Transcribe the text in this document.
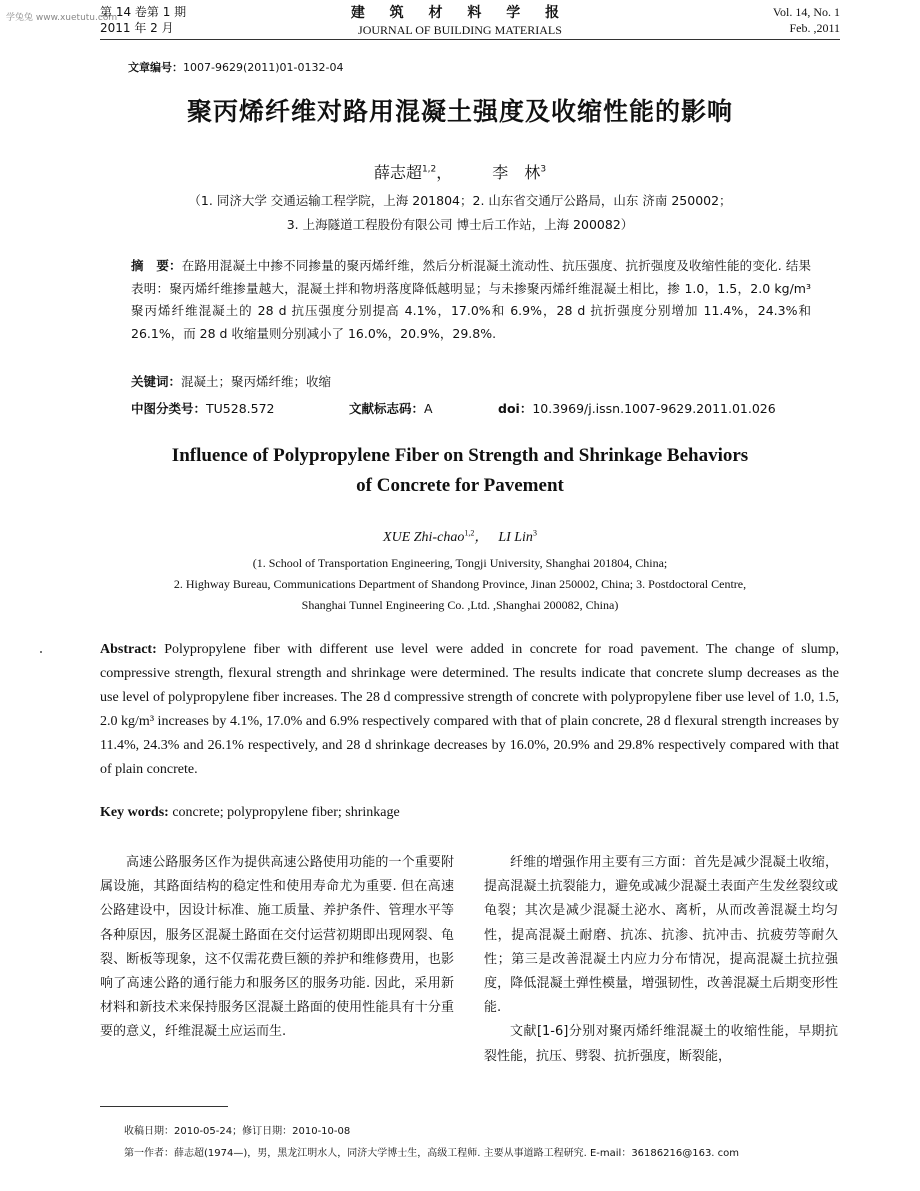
学兔兔 www.xuetutu.com
第 14 卷第 1 期
2011 年 2 月
建 筑 材 料 学 报
JOURNAL OF BUILDING MATERIALS
Vol. 14, No. 1
Feb. ,2011
文章编号：1007-9629(2011)01-0132-04
聚丙烯纤维对路用混凝土强度及收缩性能的影响
薛志超$^{1,2}$，	李　林$^3$
（1. 同济大学 交通运输工程学院，上海 201804；2. 山东省交通厅公路局，山东 济南 250002；
3. 上海隧道工程股份有限公司 博士后工作站，上海 200082）
摘　要：在路用混凝土中掺不同掺量的聚丙烯纤维，然后分析混凝土流动性、抗压强度、抗折强度及收缩性能的变化. 结果表明：聚丙烯纤维掺量越大，混凝土拌和物坍落度降低越明显；与未掺聚丙烯纤维混凝土相比，掺 1.0，1.5，2.0 kg/m³ 聚丙烯纤维混凝土的 28 d 抗压强度分别提高 4.1%，17.0%和 6.9%，28 d 抗折强度分别增加 11.4%，24.3%和 26.1%，而 28 d 收缩量则分别减小了 16.0%，20.9%，29.8%.
关键词：混凝土；聚丙烯纤维；收缩
中图分类号：TU528.572	文献标志码：A	doi：10.3969/j.issn.1007-9629.2011.01.026
Influence of Polypropylene Fiber on Strength and Shrinkage Behaviors
of Concrete for Pavement
XUE Zhi-chao$^{1,2}$， LI Lin$^3$
(1. School of Transportation Engineering, Tongji University, Shanghai 201804, China;
2. Highway Bureau, Communications Department of Shandong Province, Jinan 250002, China; 3. Postdoctoral Centre,
Shanghai Tunnel Engineering Co. ,Ltd. ,Shanghai 200082, China)
Abstract: Polypropylene fiber with different use level were added in concrete for road pavement. The change of slump, compressive strength, flexural strength and shrinkage were determined. The results indicate that concrete slump decreases as the use level of polypropylene fiber increases. The 28 d compressive strength of concrete with polypropylene fiber use level of 1.0, 1.5, 2.0 kg/m³ increases by 4.1%, 17.0% and 6.9% respectively compared with that of plain concrete, 28 d flexural strength increases by 11.4%, 24.3% and 26.1% respectively, and 28 d shrinkage decreases by 16.0%, 20.9% and 29.8% respectively compared with that of plain concrete.
Key words: concrete; polypropylene fiber; shrinkage

高速公路服务区作为提供高速公路使用功能的一个重要附属设施，其路面结构的稳定性和使用寿命尤为重要. 但在高速公路建设中，因设计标准、施工质量、养护条件、管理水平等各种原因，服务区混凝土路面在交付运营初期即出现网裂、龟裂、断板等现象，这不仅需花费巨额的养护和维修费用，也影响了高速公路的通行能力和服务区的服务功能. 因此，采用新材料和新技术来保持服务区混凝土路面的使用性能具有十分重要的意义，纤维混凝土应运而生.

纤维的增强作用主要有三方面：首先是减少混凝土收缩，提高混凝土抗裂能力，避免或减少混凝土表面产生发丝裂纹或龟裂；其次是减少混凝土泌水、离析，从而改善混凝土均匀性，提高混凝土耐磨、抗冻、抗渗、抗冲击、抗疲劳等耐久性；第三是改善混凝土内应力分布情况，提高混凝土抗拉强度，降低混凝土弹性模量，增强韧性，改善混凝土后期变形性能.

文献[1-6]分别对聚丙烯纤维混凝土的收缩性能，早期抗裂性能，抗压、劈裂、抗折强度，断裂能，

收稿日期：2010-05-24；修订日期：2010-10-08
第一作者：薛志超(1974—)，男，黑龙江明水人，同济大学博士生，高级工程师. 主要从事道路工程研究. E-mail：36186216@163. com
